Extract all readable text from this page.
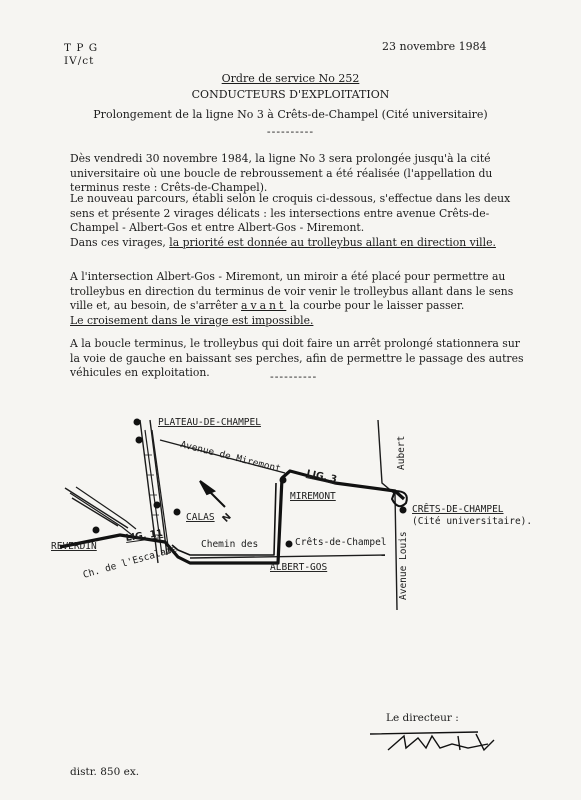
T P G
IV/ct
23 novembre 1984
Ordre de service No 252
CONDUCTEURS D'EXPLOITATION
Prolongement de la ligne No 3 à Crêts-de-Champel (Cité universitaire)
----------
Dès vendredi 30 novembre 1984, la ligne No 3 sera prolongée jusqu'à la cité universitaire où une boucle de rebroussement a été réalisée (l'appellation du terminus reste : Crêts-de-Champel).
Le nouveau parcours, établi selon le croquis ci-dessous, s'effectue dans les deux sens et présente 2 virages délicats : les intersections entre avenue Crêts-de-Champel - Albert-Gos et entre Albert-Gos - Miremont.
Dans ces virages, la priorité est donnée au trolleybus allant en direction ville.
A l'intersection Albert-Gos - Miremont, un miroir a été placé pour permettre au trolleybus en direction du terminus de voir venir le trolleybus allant dans le sens ville et, au besoin, de s'arrêter avant la courbe pour le laisser passer.
Le croisement dans le virage est impossible.
A la boucle terminus, le trolleybus qui doit faire un arrêt prolongé stationnera sur la voie de gauche en baissant ses perches, afin de permettre le passage des autres véhicules en exploitation.	----------
N
PLATEAU-DE-CHAMPEL
Avenue de Miremont	Aubert
LIG. 3
MIREMONT
CRÊTS-DE-CHAMPEL
(Cité universitaire).
CALAS
Chemin des	Crêts-de-Champel
LIG. 11
REVERDIN
Ch. de l'Escalade	ALBERT-GOS	Avenue Louis
Le directeur :
distr. 850 ex.
